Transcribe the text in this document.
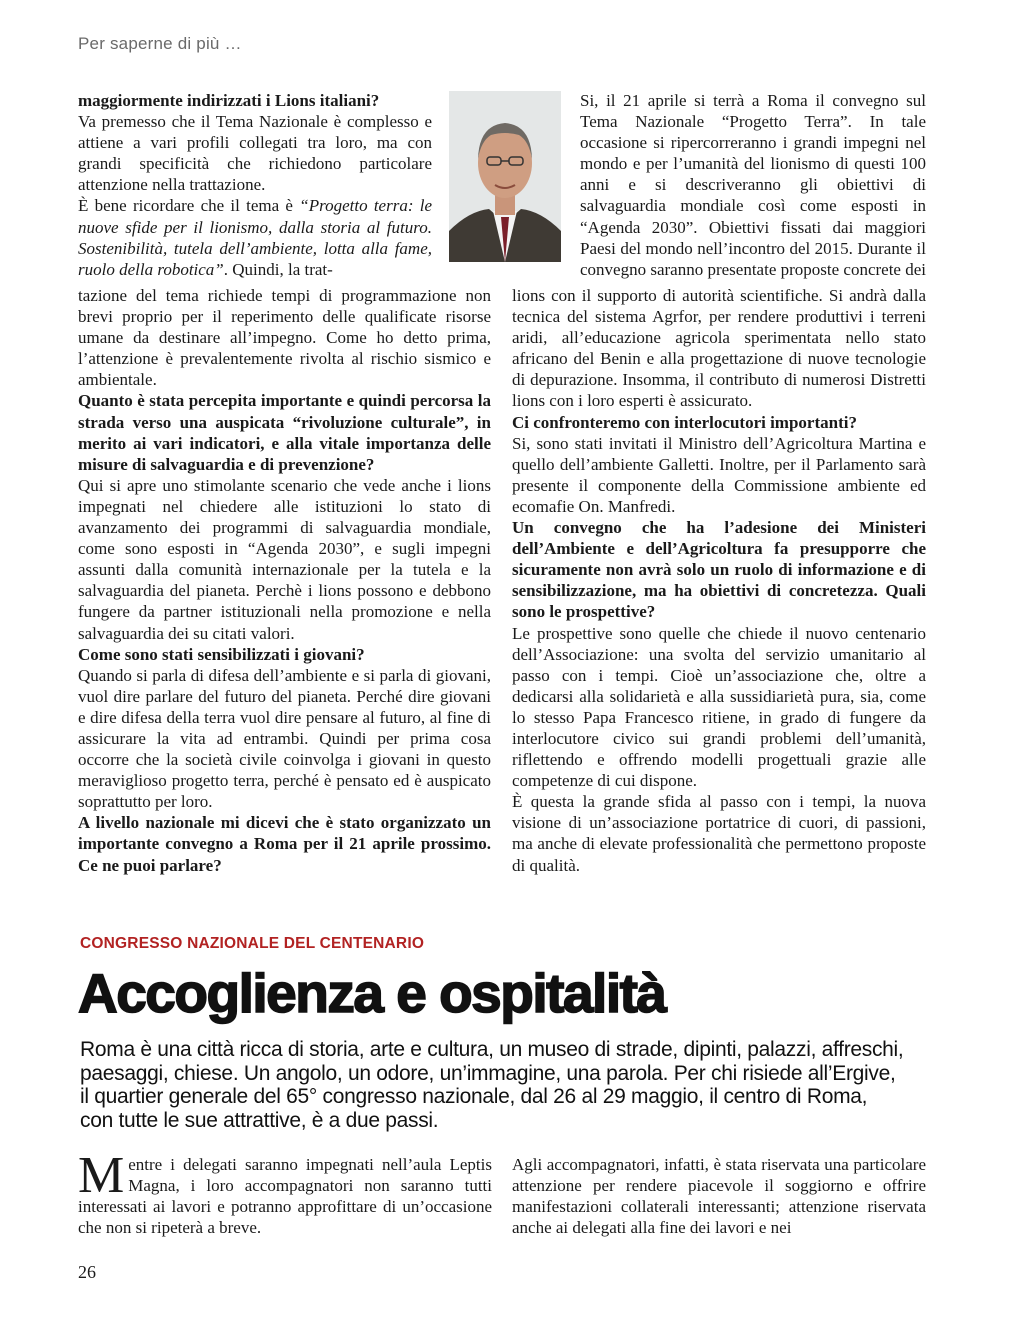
Per saperne di più …

maggiormente indirizzati i Lions italiani?

Va premesso che il Tema Nazionale è complesso e attiene a vari profili collegati tra loro, ma con grandi specificità che richiedono particolare attenzione nella trattazione.

È bene ricordare che il tema è “Progetto terra: le nuove sfide per il lionismo, dalla storia al futuro. Sostenibilità, tutela dell’ambiente, lotta alla fame, ruolo della robotica”. Quindi, la trat-

tazione del tema richiede tempi di programmazione non brevi proprio per il reperimento delle qualificate risorse umane da destinare all’impegno. Come ho detto prima, l’attenzione è prevalentemente rivolta al rischio sismico e ambientale.

Quanto è stata percepita importante e quindi percorsa la strada verso una auspicata “rivoluzione culturale”, in merito ai vari indicatori, e alla vitale importanza delle misure di salvaguardia e di prevenzione?

Qui si apre uno stimolante scenario che vede anche i lions impegnati nel chiedere alle istituzioni lo stato di avanzamento dei programmi di salvaguardia mondiale, come sono esposti in “Agenda 2030”, e sugli impegni assunti dalla comunità internazionale per la tutela e la salvaguardia del pianeta. Perchè i lions possono e debbono fungere da partner istituzionali nella promozione e nella salvaguardia dei su citati valori.

Come sono stati sensibilizzati i giovani?

Quando si parla di difesa dell’ambiente e si parla di giovani, vuol dire parlare del futuro del pianeta. Perché dire giovani e dire difesa della terra vuol dire pensare al futuro, al fine di assicurare la vita ad entrambi. Quindi per prima cosa occorre che la società civile coinvolga i giovani in questo meraviglioso progetto terra, perché è pensato ed è auspicato soprattutto per loro.

A livello nazionale mi dicevi che è stato organizzato un importante convegno a Roma per il 21 aprile prossimo. Ce ne puoi parlare?

Si, il 21 aprile si terrà a Roma il convegno sul Tema Nazionale “Progetto Terra”. In tale occasione si ripercorreranno i grandi impegni nel mondo e per l’umanità del lionismo di questi 100 anni e si descriveranno gli obiettivi di salvaguardia mondiale così come esposti in “Agenda 2030”. Obiettivi fissati dai maggiori Paesi del mondo nell’incontro del 2015. Durante il convegno saranno presentate proposte concrete dei

lions con il supporto di autorità scientifiche. Si andrà dalla tecnica del sistema Agrfor, per rendere produttivi i terreni aridi, all’educazione agricola sperimentata nello stato africano del Benin e alla progettazione di nuove tecnologie di depurazione. Insomma, il contributo di numerosi Distretti lions con i loro esperti è assicurato.

Ci confronteremo con interlocutori importanti?

Si, sono stati invitati il Ministro dell’Agricoltura Martina e quello dell’ambiente Galletti. Inoltre, per il Parlamento sarà presente il componente della Commissione ambiente ed ecomafie On. Manfredi.

Un convegno che ha l’adesione dei Ministeri dell’Ambiente e dell’Agricoltura fa presupporre che sicuramente non avrà solo un ruolo di informazione e di sensibilizzazione, ma ha obiettivi di concretezza. Quali sono le prospettive?

Le prospettive sono quelle che chiede il nuovo centenario dell’Associazione: una svolta del servizio umanitario al passo con i tempi. Cioè un’associazione che, oltre a dedicarsi alla solidarietà e alla sussidiarietà pura, sia, come lo stesso Papa Francesco ritiene, in grado di fungere da interlocutore civico sui grandi problemi dell’umanità, riflettendo e offrendo modelli progettuali grazie alle competenze di cui dispone.

È questa la grande sfida al passo con i tempi, la nuova visione di un’associazione portatrice di cuori, di passioni, ma anche di elevate professionalità che permettono proposte di qualità.

CONGRESSO NAZIONALE DEL CENTENARIO
Accoglienza e ospitalità
Roma è una città ricca di storia, arte e cultura, un museo di strade, dipinti, palazzi, affreschi,
paesaggi, chiese. Un angolo, un odore, un’immagine, una parola. Per chi risiede all’Ergive,
il quartier generale del 65° congresso nazionale, dal 26 al 29 maggio, il centro di Roma,
con tutte le sue attrattive, è a due passi.
Mentre i delegati saranno impegnati nell’aula Leptis Magna, i loro accompagnatori non saranno tutti interessati ai lavori e potranno approfittare di un’occasione che non si ripeterà a breve.
Agli accompagnatori, infatti, è stata riservata una particolare attenzione per rendere piacevole il soggiorno e offrire manifestazioni collaterali interessanti; attenzione riservata anche ai delegati alla fine dei lavori e nei
26
